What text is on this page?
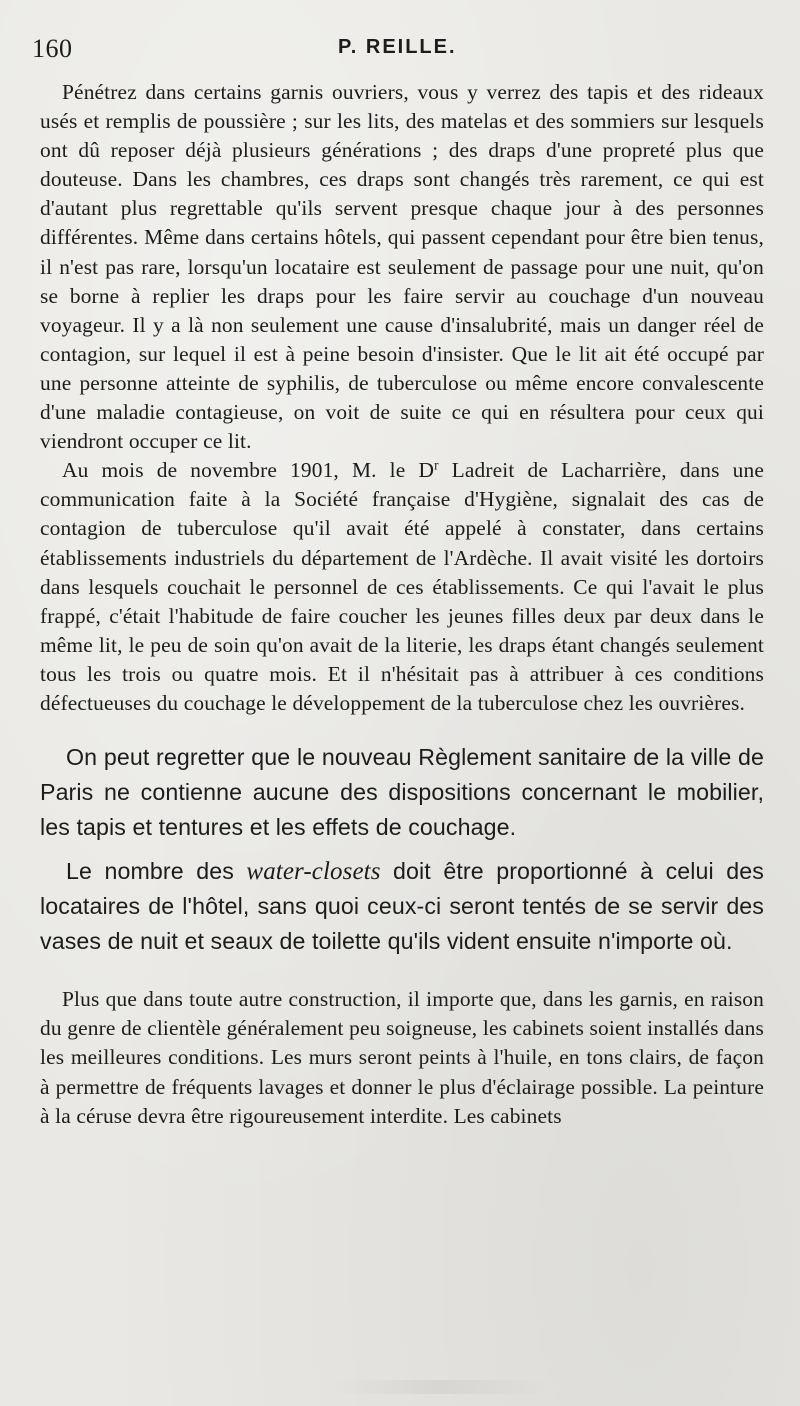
160	P. REILLE.

Pénétrez dans certains garnis ouvriers, vous y verrez des tapis et des rideaux usés et remplis de poussière ; sur les lits, des matelas et des sommiers sur lesquels ont dû reposer déjà plusieurs générations ; des draps d'une propreté plus que douteuse. Dans les chambres, ces draps sont changés très rarement, ce qui est d'autant plus regrettable qu'ils servent presque chaque jour à des personnes différentes. Même dans certains hôtels, qui passent cependant pour être bien tenus, il n'est pas rare, lorsqu'un locataire est seulement de passage pour une nuit, qu'on se borne à replier les draps pour les faire servir au couchage d'un nouveau voyageur. Il y a là non seulement une cause d'insalubrité, mais un danger réel de contagion, sur lequel il est à peine besoin d'insister. Que le lit ait été occupé par une personne atteinte de syphilis, de tuberculose ou même encore convalescente d'une maladie contagieuse, on voit de suite ce qui en résultera pour ceux qui viendront occuper ce lit.

Au mois de novembre 1901, M. le $D^r$ Ladreit de Lacharrière, dans une communication faite à la Société française d'Hygiène, signalait des cas de contagion de tuberculose qu'il avait été appelé à constater, dans certains établissements industriels du département de l'Ardèche. Il avait visité les dortoirs dans lesquels couchait le personnel de ces établissements. Ce qui l'avait le plus frappé, c'était l'habitude de faire coucher les jeunes filles deux par deux dans le même lit, le peu de soin qu'on avait de la literie, les draps étant changés seulement tous les trois ou quatre mois. Et il n'hésitait pas à attribuer à ces conditions défectueuses du couchage le développement de la tuberculose chez les ouvrières.

On peut regretter que le nouveau Règlement sanitaire de la ville de Paris ne contienne aucune des dispositions concernant le mobilier, les tapis et tentures et les effets de couchage.

Le nombre des water-closets doit être proportionné à celui des locataires de l'hôtel, sans quoi ceux-ci seront tentés de se servir des vases de nuit et seaux de toilette qu'ils vident ensuite n'importe où.

Plus que dans toute autre construction, il importe que, dans les garnis, en raison du genre de clientèle généralement peu soigneuse, les cabinets soient installés dans les meilleures conditions. Les murs seront peints à l'huile, en tons clairs, de façon à permettre de fréquents lavages et donner le plus d'éclairage possible. La peinture à la céruse devra être rigoureusement interdite. Les cabinets
